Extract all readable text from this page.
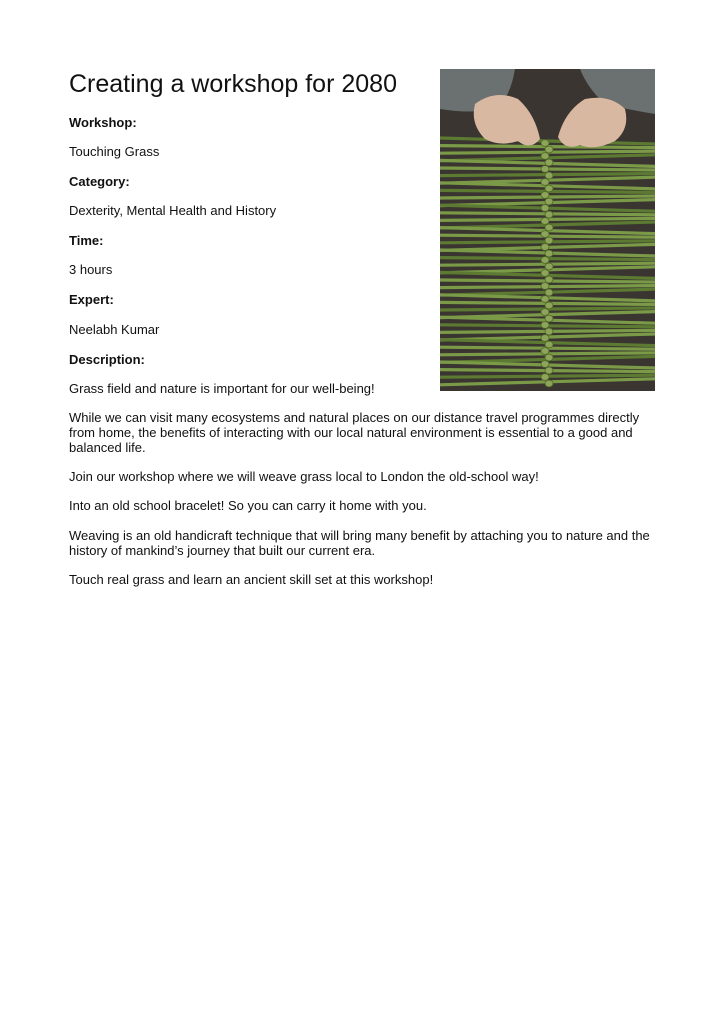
Creating a workshop for 2080

Workshop:

Touching Grass

Category:

Dexterity, Mental Health and History

Time:

3 hours

Expert:

Neelabh Kumar

Description:

Grass field and nature is important for our well-being!

While we can visit many ecosystems and natural places on our distance travel programmes directly from home, the benefits of interacting with our local natural environment is essential to a good and balanced life.

Join our workshop where we will weave grass local to London the old-school way!

Into an old school bracelet! So you can carry it home with you.

Weaving is an old handicraft technique that will bring many benefit by attaching you to nature and the history of mankind’s journey that built our current era.

Touch real grass and learn an ancient skill set at this workshop!
